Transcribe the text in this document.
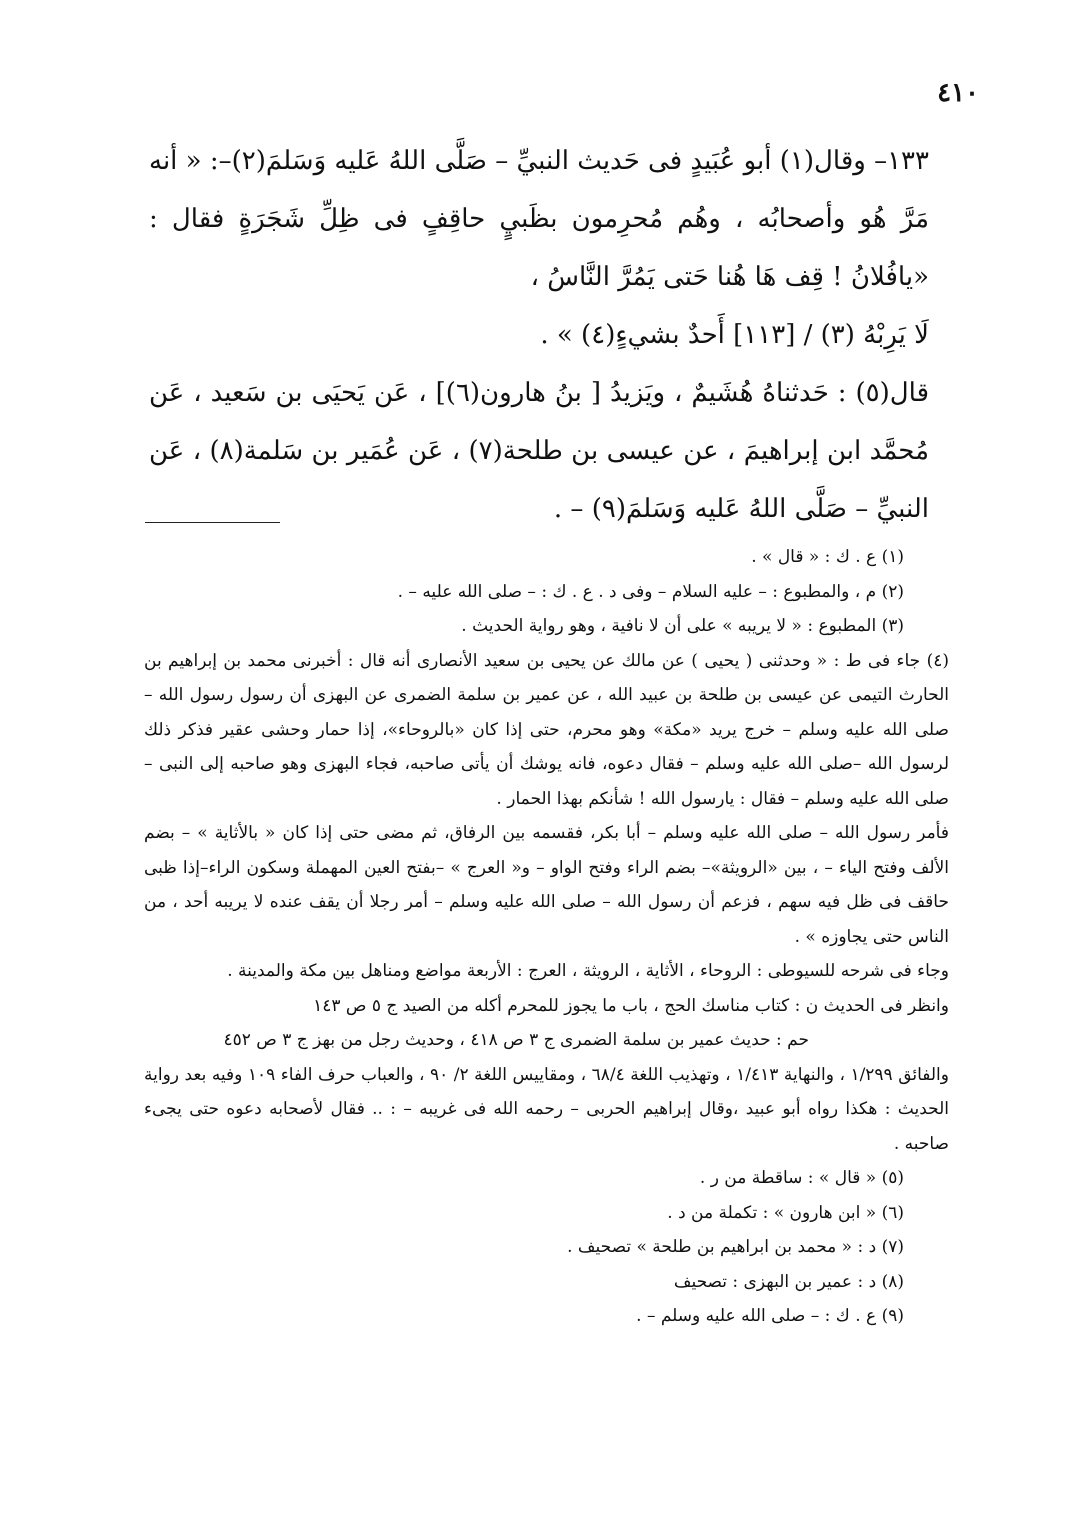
٤١٠

١٣٣– وقال(١) أبو عُبَيدٍ فى حَديث النبيِّ – صَلَّى اللهُ عَليه وَسَلمَ(٢)–: « أنه مَرَّ هُو وأصحابُه ، وهُم مُحرِمون بظَبيٍ حاقِفٍ فى ظِلِّ شَجَرَةٍ فقال : «يافُلانُ ! قِف هَا هُنا حَتى يَمُرَّ النَّاسُ ،

لَا يَرِبْهُ (٣) / [١١٣] أَحدٌ بشيءٍ(٤) » .

قال(٥) : حَدثناهُ هُشَيمٌ ، ويَزيدُ [ بنُ هارون(٦)] ، عَن يَحيَى بن سَعيد ، عَن مُحمَّد ابن إبراهيمَ ، عن عيسى بن طلحة(٧) ، عَن عُمَير بن سَلمة(٨) ، عَن النبيِّ – صَلَّى اللهُ عَليه وَسَلمَ(٩) – .

(١) ع . ك : « قال » .

(٢) م ، والمطبوع : – عليه السلام – وفى د . ع . ك : – صلى الله عليه – .

(٣) المطبوع : « لا يريبه » على أن لا نافية ، وهو رواية الحديث .

(٤) جاء فى ط : « وحدثنى ( يحيى ) عن مالك عن يحيى بن سعيد الأنصارى أنه قال : أخبرنى محمد بن إبراهيم بن الحارث التيمى عن عيسى بن طلحة بن عبيد الله ، عن عمير بن سلمة الضمرى عن البهزى أن رسول رسول الله – صلى الله عليه وسلم – خرج يريد «مكة» وهو محرم، حتى إذا كان «بالروحاء»، إذا حمار وحشى عقير فذكر ذلك لرسول الله –صلى الله عليه وسلم – فقال دعوه، فانه يوشك أن يأتى صاحبه، فجاء البهزى وهو صاحبه إلى النبى – صلى الله عليه وسلم – فقال : يارسول الله ! شأنكم بهذا الحمار .

فأمر رسول الله – صلى الله عليه وسلم – أبا بكر، فقسمه بين الرفاق، ثم مضى حتى إذا كان « بالأثاية » – بضم الألف وفتح الياء – ، بين «الرويثة»– بضم الراء وفتح الواو – و« العرج » –بفتح العين المهملة وسكون الراء–إذا ظبى حاقف فى ظل فيه سهم ، فزعم أن رسول الله – صلى الله عليه وسلم – أمر رجلا أن يقف عنده لا يريبه أحد ، من الناس حتى يجاوزه » .

وجاء فى شرحه للسيوطى : الروحاء ، الأثاية ، الرويثة ، العرج : الأربعة مواضع ومناهل بين مكة والمدينة .

وانظر فى الحديث ن : كتاب مناسك الحج ، باب ما يجوز للمحرم أكله من الصيد ج ٥ ص ١٤٣

حم : حديث عمير بن سلمة الضمرى ج ٣ ص ٤١٨ ، وحديث رجل من بهز ج ٣ ص ٤٥٢

والفائق ١/٢٩٩ ، والنهاية ١/٤١٣ ، وتهذيب اللغة ٦٨/٤ ، ومقاييس اللغة ٢/ ٩٠ ، والعباب حرف الفاء ١٠٩ وفيه بعد رواية الحديث : هكذا رواه أبو عبيد ،وقال إبراهيم الحربى – رحمه الله فى غريبه – : .. فقال لأصحابه دعوه حتى يجىء صاحبه .

(٥) « قال » : ساقطة من ر .

(٦) « ابن هارون » : تكملة من د .

(٧) د : « محمد بن ابراهيم بن طلحة » تصحيف .

(٨) د : عمير بن البهزى : تصحيف

(٩) ع . ك : – صلى الله عليه وسلم – .
